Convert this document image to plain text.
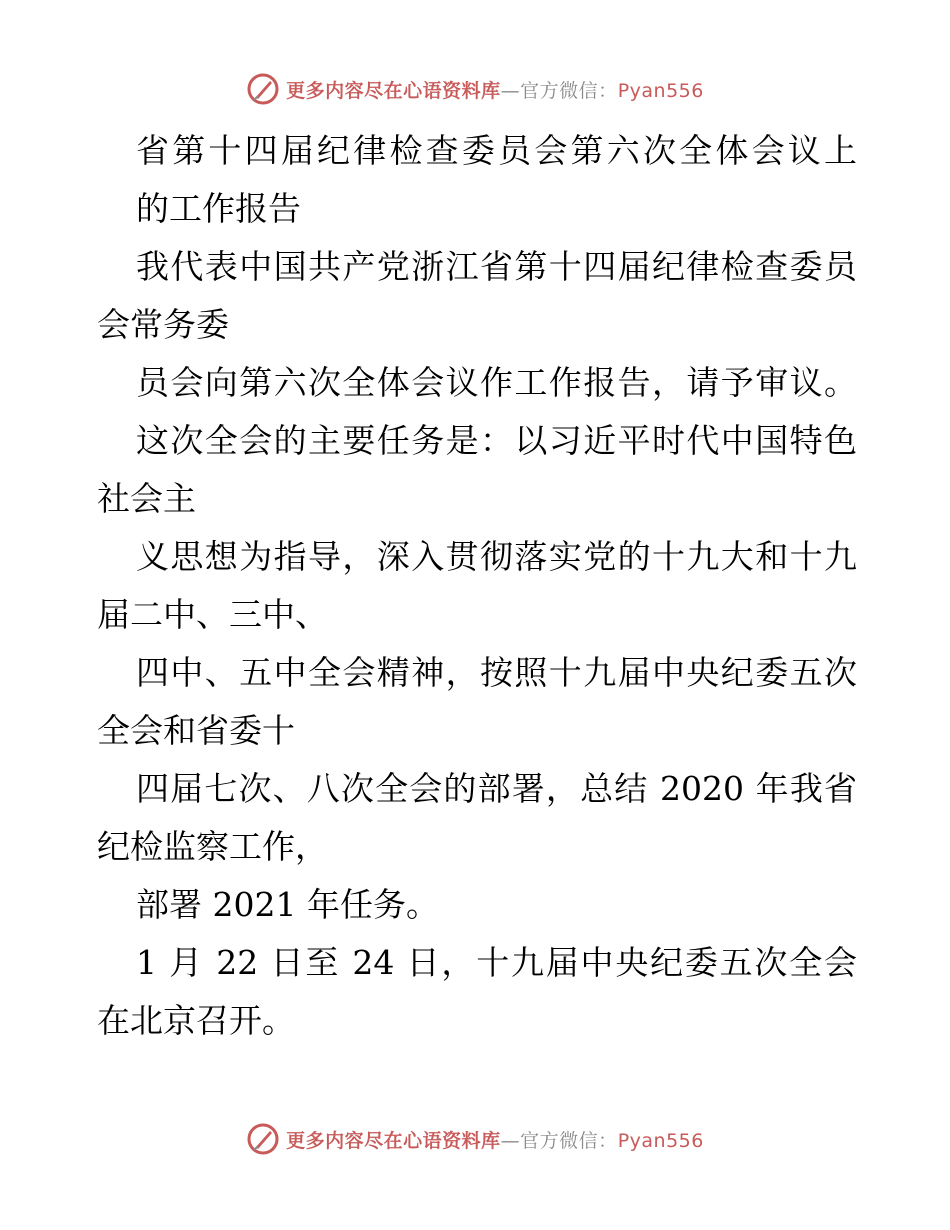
更多内容尽在心语资料库—官方微信：Pyan556
省第十四届纪律检查委员会第六次全体会议上
的工作报告
我代表中国共产党浙江省第十四届纪律检查委员
会常务委
员会向第六次全体会议作工作报告，请予审议。
这次全会的主要任务是：以习近平时代中国特色
社会主
义思想为指导，深入贯彻落实党的十九大和十九
届二中、三中、
四中、五中全会精神，按照十九届中央纪委五次
全会和省委十
四届七次、八次全会的部署，总结 2020 年我省
纪检监察工作，
部署 2021 年任务。
1 月 22 日至 24 日，十九届中央纪委五次全会
在北京召开。
更多内容尽在心语资料库—官方微信：Pyan556
